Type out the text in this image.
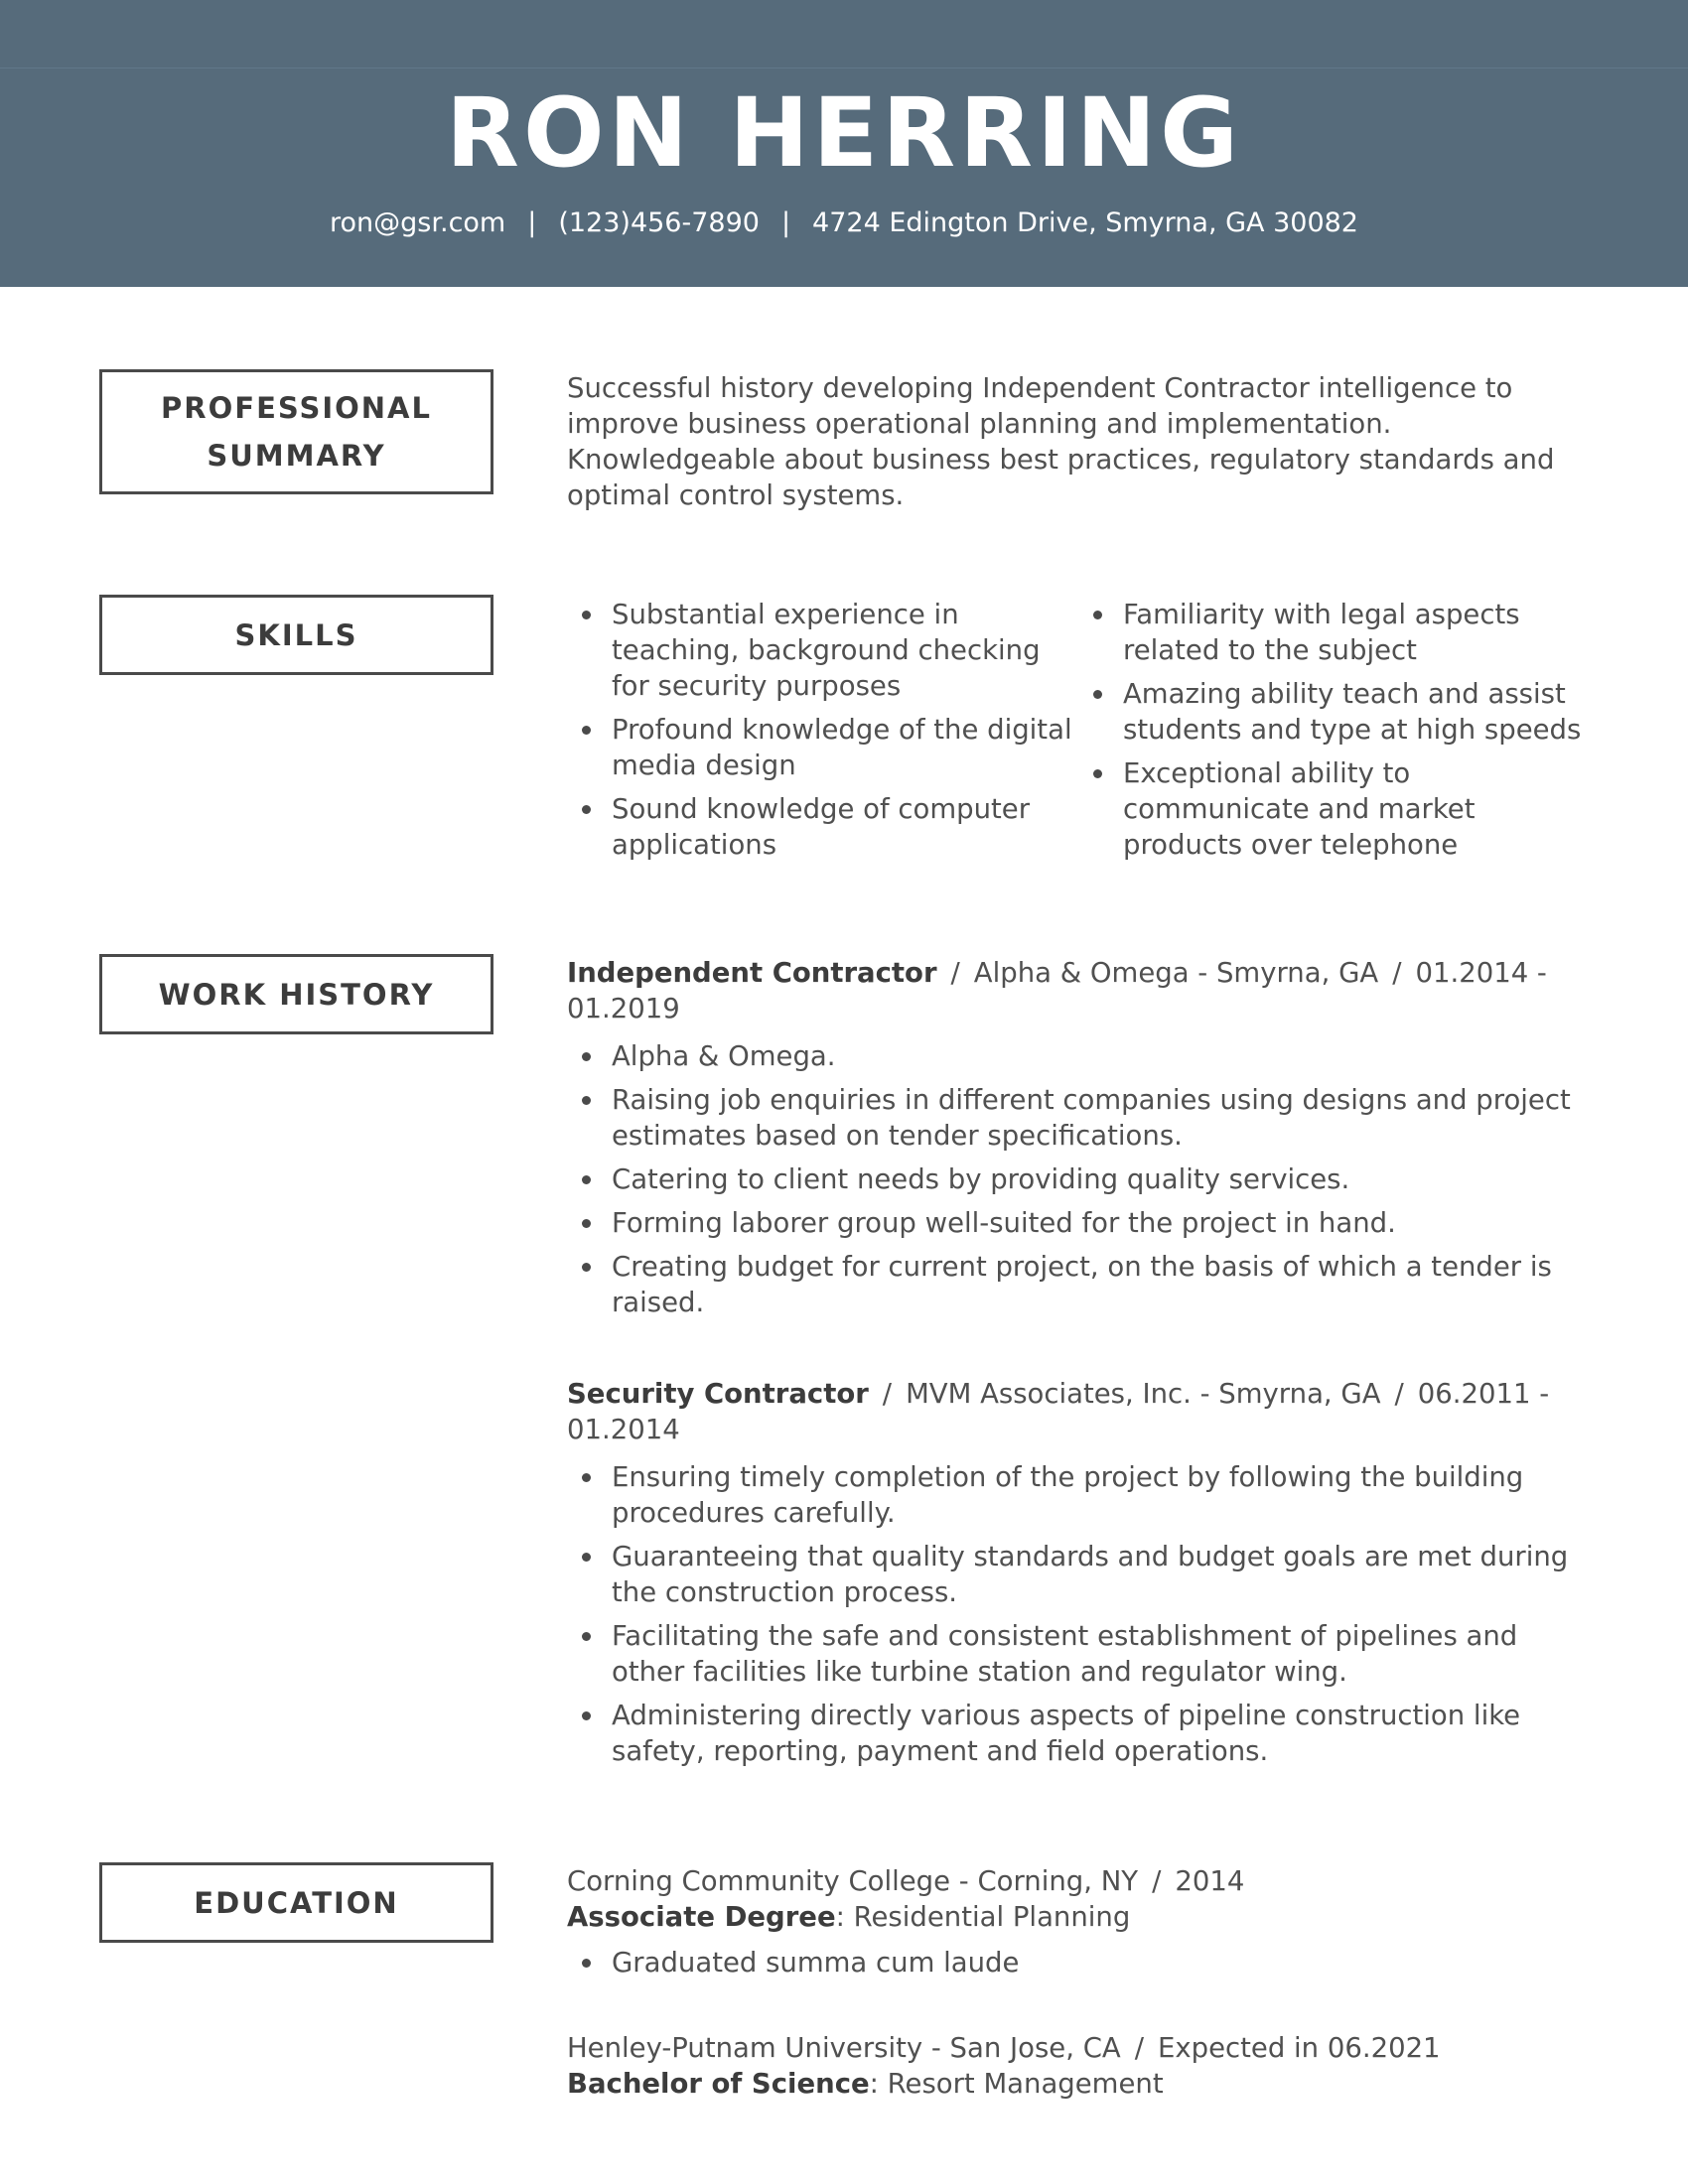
RON HERRING
ron@gsr.com | (123)456-7890 | 4724 Edington Drive, Smyrna, GA 30082
PROFESSIONAL
SUMMARY

Successful history developing Independent Contractor intelligence to improve business operational planning and implementation. Knowledgeable about business best practices, regulatory standards and optimal control systems.

SKILLS
Substantial experience in teaching, background checking for security purposes
Profound knowledge of the digital media design
Sound knowledge of computer applications
Familiarity with legal aspects related to the subject
Amazing ability teach and assist students and type at high speeds
Exceptional ability to communicate and market products over telephone
WORK HISTORY

Independent Contractor / Alpha & Omega - Smyrna, GA / 01.2014 - 01.2019

Alpha & Omega.
Raising job enquiries in different companies using designs and project estimates based on tender specifications.
Catering to client needs by providing quality services.
Forming laborer group well-suited for the project in hand.
Creating budget for current project, on the basis of which a tender is raised.

Security Contractor / MVM Associates, Inc. - Smyrna, GA / 06.2011 - 01.2014

Ensuring timely completion of the project by following the building procedures carefully.
Guaranteeing that quality standards and budget goals are met during the construction process.
Facilitating the safe and consistent establishment of pipelines and other facilities like turbine station and regulator wing.
Administering directly various aspects of pipeline construction like safety, reporting, payment and field operations.
EDUCATION

Corning Community College - Corning, NY / 2014

Associate Degree: Residential Planning

Graduated summa cum laude

Henley-Putnam University - San Jose, CA / Expected in 06.2021

Bachelor of Science: Resort Management
